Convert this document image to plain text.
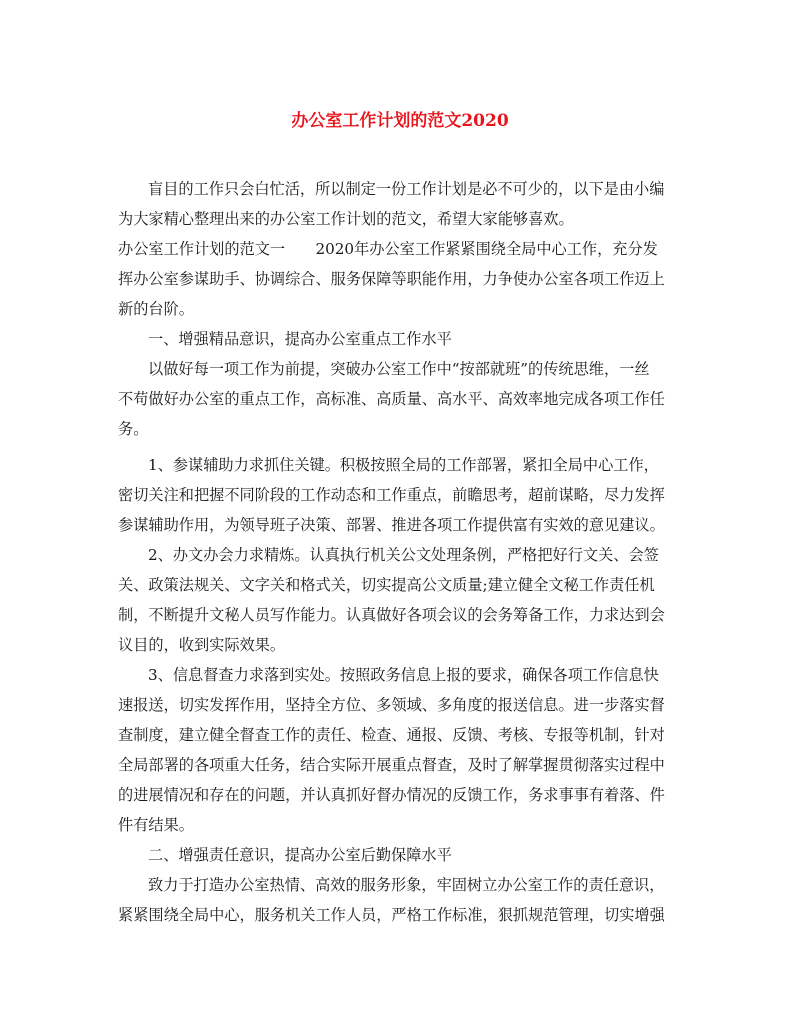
办公室工作计划的范文2020
盲目的工作只会白忙活，所以制定一份工作计划是必不可少的，以下是由小编
为大家精心整理出来的办公室工作计划的范文，希望大家能够喜欢。
办公室工作计划的范文一　　2020年办公室工作紧紧围绕全局中心工作，充分发
挥办公室参谋助手、协调综合、服务保障等职能作用，力争使办公室各项工作迈上
新的台阶。
一、增强精品意识，提高办公室重点工作水平
以做好每一项工作为前提，突破办公室工作中“按部就班”的传统思维，一丝
不苟做好办公室的重点工作，高标准、高质量、高水平、高效率地完成各项工作任
务。
1、参谋辅助力求抓住关键。积极按照全局的工作部署，紧扣全局中心工作，
密切关注和把握不同阶段的工作动态和工作重点，前瞻思考，超前谋略，尽力发挥
参谋辅助作用，为领导班子决策、部署、推进各项工作提供富有实效的意见建议。
2、办文办会力求精炼。认真执行机关公文处理条例，严格把好行文关、会签
关、政策法规关、文字关和格式关，切实提高公文质量;建立健全文秘工作责任机
制，不断提升文秘人员写作能力。认真做好各项会议的会务筹备工作，力求达到会
议目的，收到实际效果。
3、信息督查力求落到实处。按照政务信息上报的要求，确保各项工作信息快
速报送，切实发挥作用，坚持全方位、多领域、多角度的报送信息。进一步落实督
查制度，建立健全督查工作的责任、检查、通报、反馈、考核、专报等机制，针对
全局部署的各项重大任务，结合实际开展重点督查，及时了解掌握贯彻落实过程中
的进展情况和存在的问题，并认真抓好督办情况的反馈工作，务求事事有着落、件
件有结果。
二、增强责任意识，提高办公室后勤保障水平
致力于打造办公室热情、高效的服务形象，牢固树立办公室工作的责任意识，
紧紧围绕全局中心，服务机关工作人员，严格工作标准，狠抓规范管理，切实增强
